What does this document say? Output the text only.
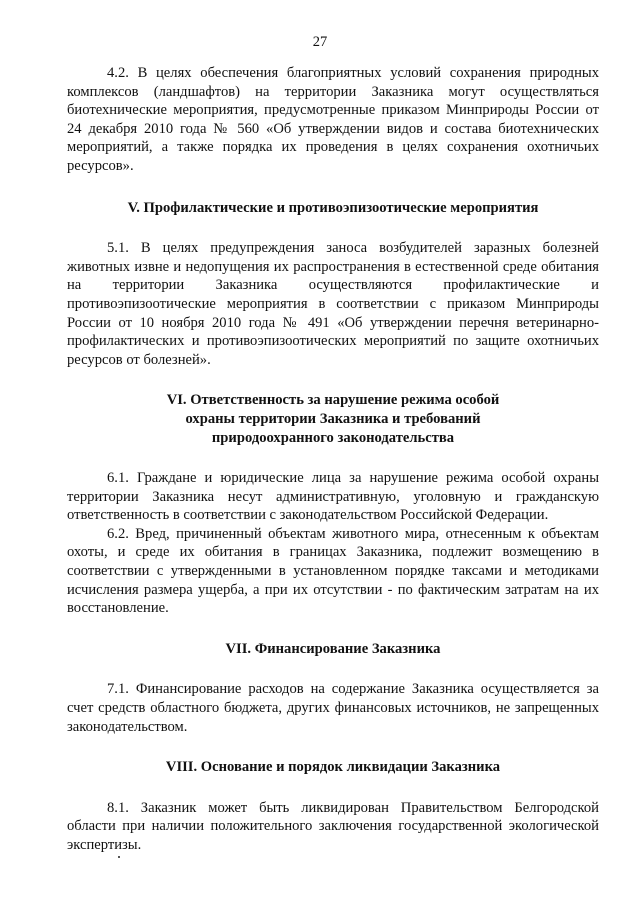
27

4.2. В целях обеспечения благоприятных условий сохранения природных комплексов (ландшафтов) на территории Заказника могут осуществляться биотехнические мероприятия, предусмотренные приказом Минприроды России от 24 декабря 2010 года № 560 «Об утверждении видов и состава биотехнических мероприятий, а также порядка их проведения в целях сохранения охотничьих ресурсов».

V. Профилактические и противоэпизоотические мероприятия

5.1. В целях предупреждения заноса возбудителей заразных болезней животных извне и недопущения их распространения в естественной среде обитания на территории Заказника осуществляются профилактические и противоэпизоотические мероприятия в соответствии с приказом Минприроды России от 10 ноября 2010 года № 491 «Об утверждении перечня ветеринарно-профилактических и противоэпизоотических мероприятий по защите охотничьих ресурсов от болезней».

VI. Ответственность за нарушение режима особой
охраны территории Заказника и требований
природоохранного законодательства

6.1. Граждане и юридические лица за нарушение режима особой охраны территории Заказника несут административную, уголовную и гражданскую ответственность в соответствии с законодательством Российской Федерации.

6.2. Вред, причиненный объектам животного мира, отнесенным к объектам охоты, и среде их обитания в границах Заказника, подлежит возмещению в соответствии с утвержденными в установленном порядке таксами и методиками исчисления размера ущерба, а при их отсутствии - по фактическим затратам на их восстановление.

VII. Финансирование Заказника

7.1. Финансирование расходов на содержание Заказника осуществляется за счет средств областного бюджета, других финансовых источников, не запрещенных законодательством.

VIII. Основание и порядок ликвидации Заказника

8.1. Заказник может быть ликвидирован Правительством Белгородской области при наличии положительного заключения государственной экологической экспертизы.
